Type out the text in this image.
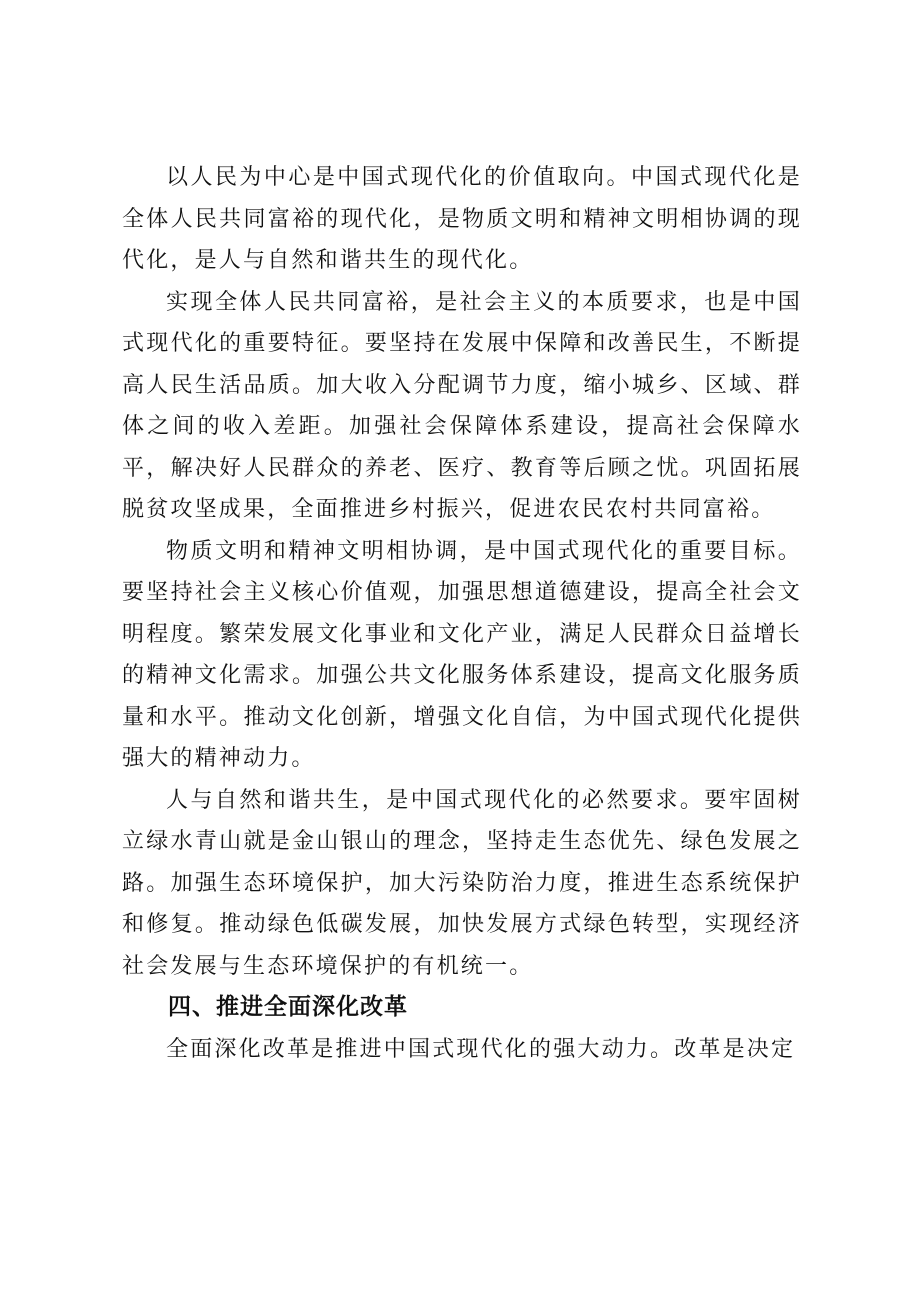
以人民为中心是中国式现代化的价值取向。中国式现代化是全体人民共同富裕的现代化，是物质文明和精神文明相协调的现代化，是人与自然和谐共生的现代化。

实现全体人民共同富裕，是社会主义的本质要求，也是中国式现代化的重要特征。要坚持在发展中保障和改善民生，不断提高人民生活品质。加大收入分配调节力度，缩小城乡、区域、群体之间的收入差距。加强社会保障体系建设，提高社会保障水平，解决好人民群众的养老、医疗、教育等后顾之忧。巩固拓展脱贫攻坚成果，全面推进乡村振兴，促进农民农村共同富裕。

物质文明和精神文明相协调，是中国式现代化的重要目标。要坚持社会主义核心价值观，加强思想道德建设，提高全社会文明程度。繁荣发展文化事业和文化产业，满足人民群众日益增长的精神文化需求。加强公共文化服务体系建设，提高文化服务质量和水平。推动文化创新，增强文化自信，为中国式现代化提供强大的精神动力。

人与自然和谐共生，是中国式现代化的必然要求。要牢固树立绿水青山就是金山银山的理念，坚持走生态优先、绿色发展之路。加强生态环境保护，加大污染防治力度，推进生态系统保护和修复。推动绿色低碳发展，加快发展方式绿色转型，实现经济社会发展与生态环境保护的有机统一。

四、推进全面深化改革

全面深化改革是推进中国式现代化的强大动力。改革是决定
